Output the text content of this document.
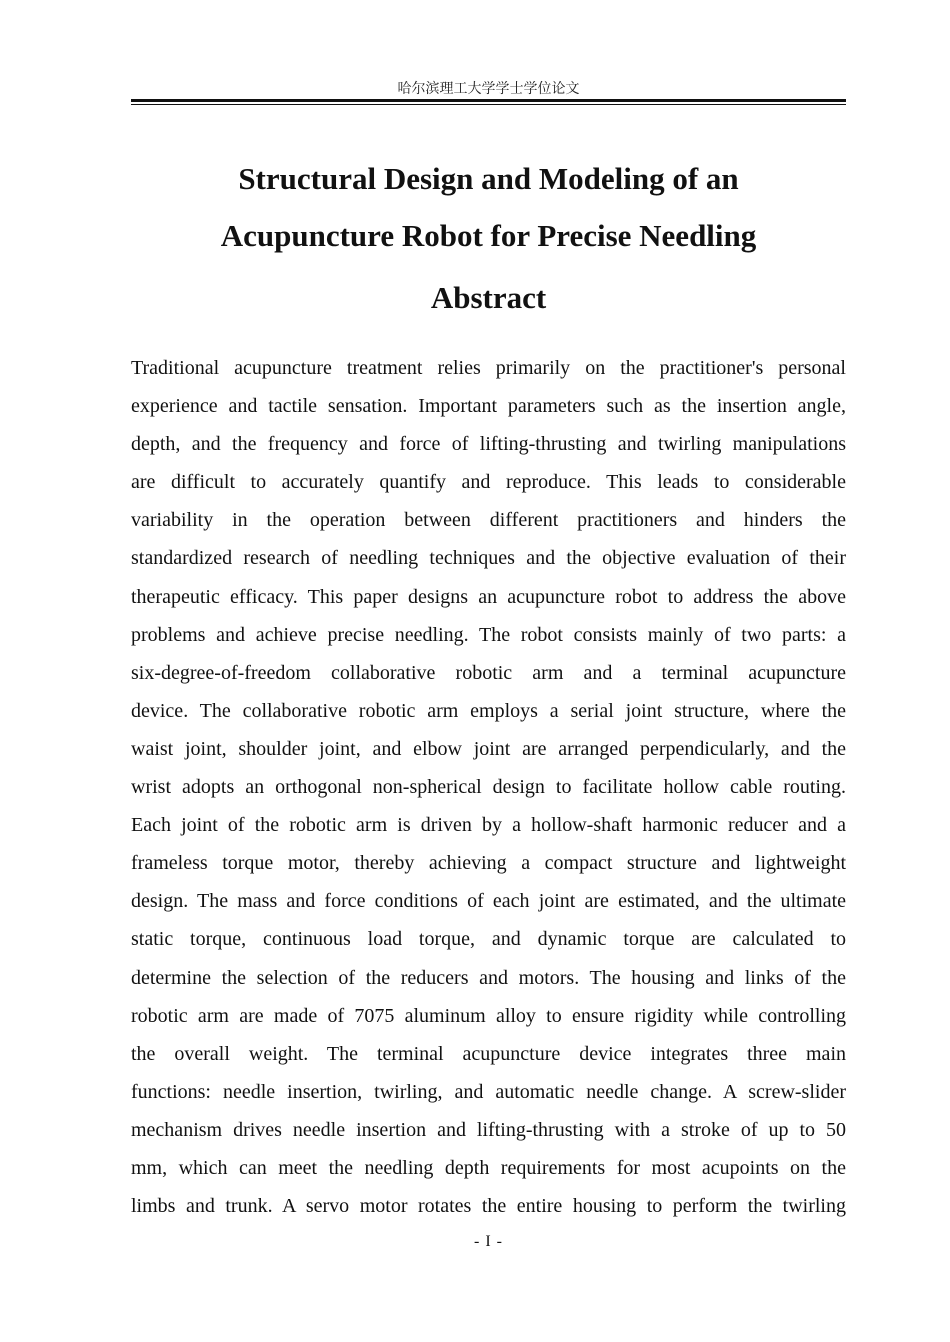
哈尔滨理工大学学士学位论文
Structural Design and Modeling of an
Acupuncture Robot for Precise Needling
Abstract
Traditional acupuncture treatment relies primarily on the practitioner's personal
experience and tactile sensation. Important parameters such as the insertion angle,
depth, and the frequency and force of lifting-thrusting and twirling manipulations
are difficult to accurately quantify and reproduce. This leads to considerable
variability in the operation between different practitioners and hinders the
standardized research of needling techniques and the objective evaluation of their
therapeutic efficacy. This paper designs an acupuncture robot to address the above
problems and achieve precise needling. The robot consists mainly of two parts: a
six-degree-of-freedom collaborative robotic arm and a terminal acupuncture
device. The collaborative robotic arm employs a serial joint structure, where the
waist joint, shoulder joint, and elbow joint are arranged perpendicularly, and the
wrist adopts an orthogonal non-spherical design to facilitate hollow cable routing.
Each joint of the robotic arm is driven by a hollow-shaft harmonic reducer and a
frameless torque motor, thereby achieving a compact structure and lightweight
design. The mass and force conditions of each joint are estimated, and the ultimate
static torque, continuous load torque, and dynamic torque are calculated to
determine the selection of the reducers and motors. The housing and links of the
robotic arm are made of 7075 aluminum alloy to ensure rigidity while controlling
the overall weight. The terminal acupuncture device integrates three main
functions: needle insertion, twirling, and automatic needle change. A screw-slider
mechanism drives needle insertion and lifting-thrusting with a stroke of up to 50
mm, which can meet the needling depth requirements for most acupoints on the
limbs and trunk. A servo motor rotates the entire housing to perform the twirling
- I -
